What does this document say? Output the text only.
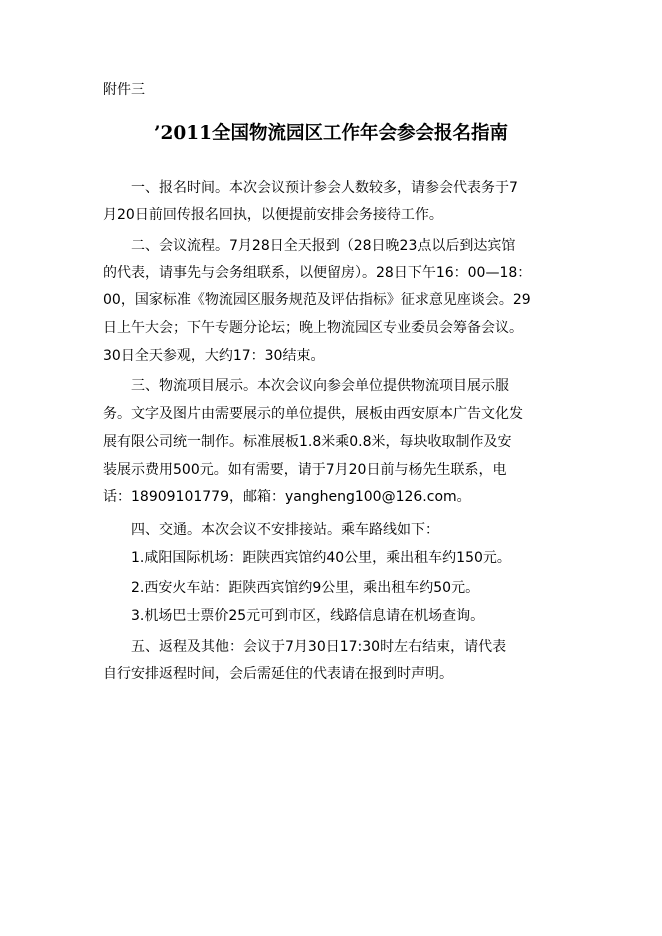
附件三
’2011全国物流园区工作年会参会报名指南
一、报名时间。本次会议预计参会人数较多，请参会代表务于7
月20日前回传报名回执，以便提前安排会务接待工作。
二、会议流程。7月28日全天报到（28日晚23点以后到达宾馆
的代表，请事先与会务组联系，以便留房）。28日下午16：00—18：
00，国家标准《物流园区服务规范及评估指标》征求意见座谈会。29
日上午大会；下午专题分论坛；晚上物流园区专业委员会筹备会议。
30日全天参观，大约17：30结束。
三、物流项目展示。本次会议向参会单位提供物流项目展示服
务。文字及图片由需要展示的单位提供，展板由西安原本广告文化发
展有限公司统一制作。标准展板1.8米乘0.8米，每块收取制作及安
装展示费用500元。如有需要，请于7月20日前与杨先生联系，电
话：18909101779，邮箱：yangheng100@126.com。
四、交通。本次会议不安排接站。乘车路线如下：
1.咸阳国际机场：距陕西宾馆约40公里，乘出租车约150元。
2.西安火车站：距陕西宾馆约9公里，乘出租车约50元。
3.机场巴士票价25元可到市区，线路信息请在机场查询。
五、返程及其他：会议于7月30日17:30时左右结束，请代表
自行安排返程时间，会后需延住的代表请在报到时声明。
